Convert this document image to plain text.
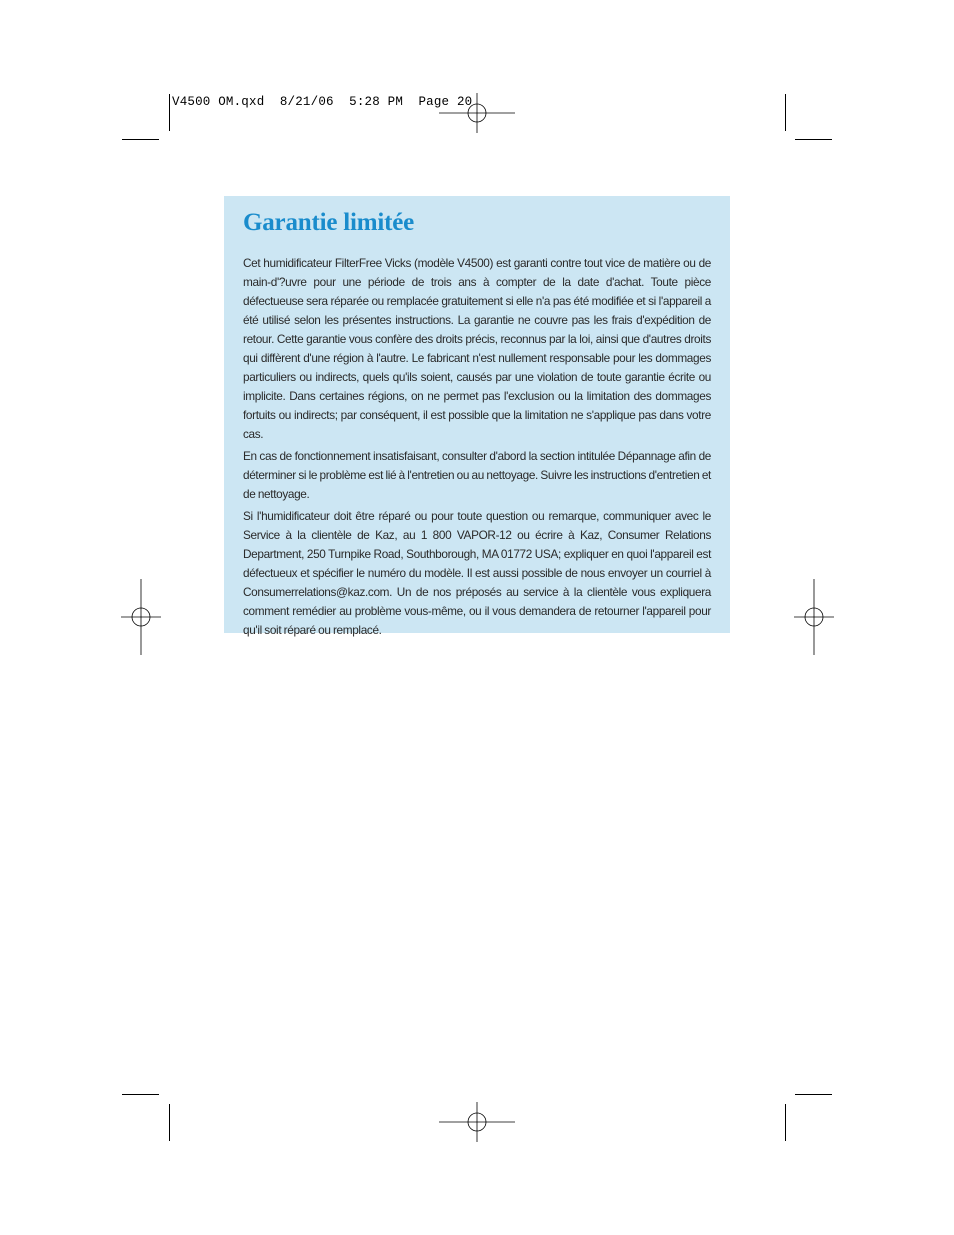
V4500 OM.qxd  8/21/06  5:28 PM  Page 20
Garantie limitée

Cet humidificateur FilterFree Vicks (modèle V4500) est garanti contre tout vice de matière ou de main-d'?uvre pour une période de trois ans à compter de la date d'achat. Toute pièce défectueuse sera réparée ou remplacée gratuitement si elle n'a pas été modifiée et si l'appareil a été utilisé selon les présentes instructions. La garantie ne couvre pas les frais d'expédition de retour. Cette garantie vous confère des droits précis, reconnus par la loi, ainsi que d'autres droits qui diffèrent d'une région à l'autre. Le fabricant n'est nullement responsable pour les dommages particuliers ou indirects, quels qu'ils soient, causés par une violation de toute garantie écrite ou implicite. Dans certaines régions, on ne permet pas l'exclusion ou la limitation des dommages fortuits ou indirects; par conséquent, il est possible que la limitation ne s'applique pas dans votre cas.

En cas de fonctionnement insatisfaisant, consulter d'abord la section intitulée Dépannage afin de déterminer si le problème est lié à l'entretien ou au nettoyage. Suivre les instructions d'entretien et de nettoyage.

Si l'humidificateur doit être réparé ou pour toute question ou remarque, communiquer avec le Service à la clientèle de Kaz, au 1 800 VAPOR-12 ou écrire à Kaz, Consumer Relations Department, 250 Turnpike Road, Southborough, MA 01772 USA; expliquer en quoi l'appareil est défectueux et spécifier le numéro du modèle. Il est aussi possible de nous envoyer un courriel à Consumerrelations@kaz.com. Un de nos préposés au service à la clientèle vous expliquera comment remédier au problème vous-même, ou il vous demandera de retourner l'appareil pour qu'il soit réparé ou remplacé.
